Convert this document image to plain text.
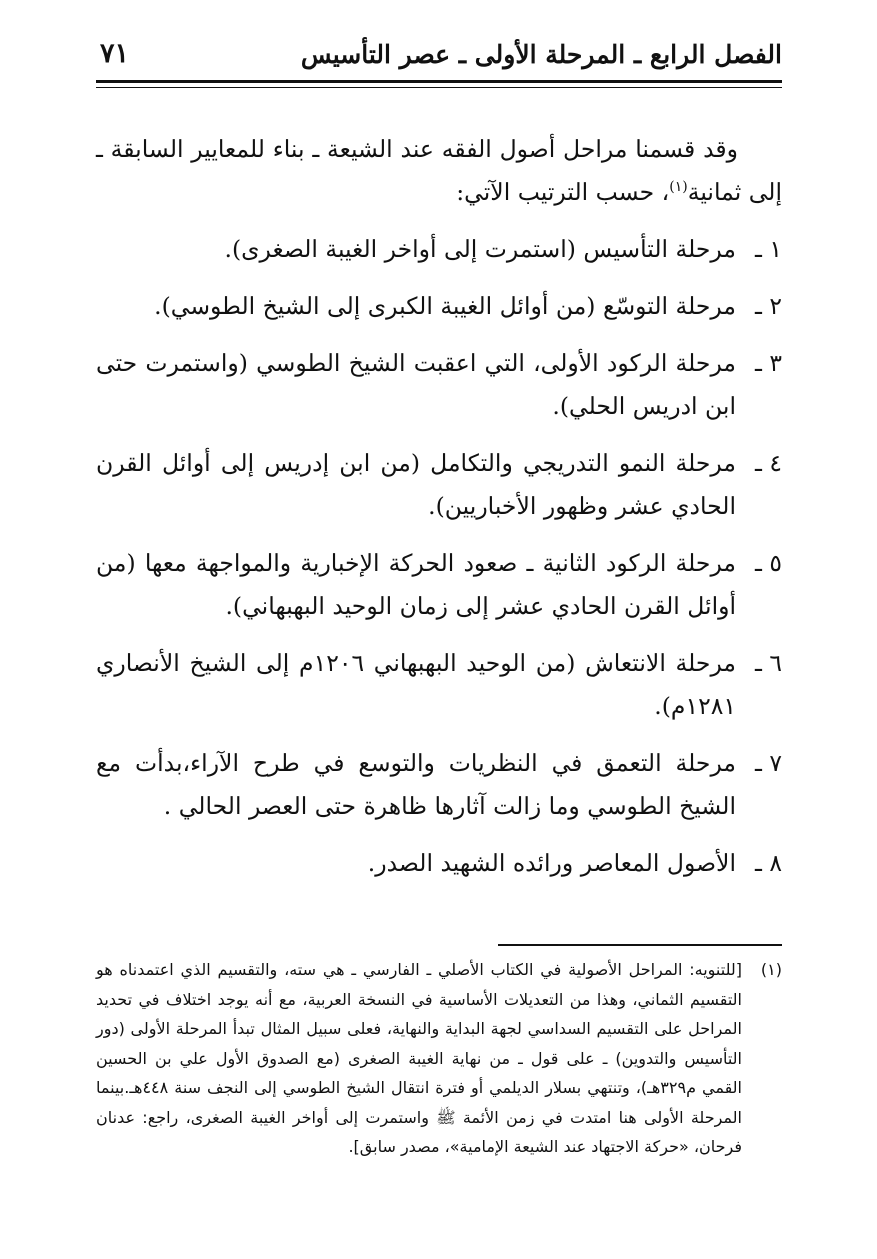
الفصل الرابع ـ المرحلة الأولى ـ عصر التأسيس
٧١

وقد قسمنا مراحل أصول الفقه عند الشيعة ـ بناء للمعايير السابقة ـ إلى ثمانية$^{(١)}$، حسب الترتيب الآتي:

١ ـ
مرحلة التأسيس (استمرت إلى أواخر الغيبة الصغرى).
٢ ـ
مرحلة التوسّع (من أوائل الغيبة الكبرى إلى الشيخ الطوسي).
٣ ـ
مرحلة الركود الأولى، التي اعقبت الشيخ الطوسي (واستمرت حتى ابن ادريس الحلي).
٤ ـ
مرحلة النمو التدريجي والتكامل (من ابن إدريس إلى أوائل القرن الحادي عشر وظهور الأخباريين).
٥ ـ
مرحلة الركود الثانية ـ صعود الحركة الإخبارية والمواجهة معها (من أوائل القرن الحادي عشر إلى زمان الوحيد البهبهاني).
٦ ـ
مرحلة الانتعاش (من الوحيد البهبهاني ١٢٠٦م إلى الشيخ الأنصاري ١٢٨١م).
٧ ـ
مرحلة التعمق في النظريات والتوسع في طرح الآراء،بدأت مع الشيخ الطوسي وما زالت آثارها ظاهرة حتى العصر الحالي .
٨ ـ
الأصول المعاصر ورائده الشهيد الصدر.
(١)
[للتنويه: المراحل الأصولية في الكتاب الأصلي ـ الفارسي ـ هي سته، والتقسيم الذي اعتمدناه هو التقسيم الثماني، وهذا من التعديلات الأساسية في النسخة العربية، مع أنه يوجد اختلاف في تحديد المراحل على التقسيم السداسي لجهة البداية والنهاية، فعلى سبيل المثال تبدأ المرحلة الأولى (دور التأسيس والتدوين) ـ على قول ـ من نهاية الغيبة الصغرى (مع الصدوق الأول علي بن الحسين القمي م٣٢٩هـ)، وتنتهي بسلار الديلمي أو فترة انتقال الشيخ الطوسي إلى النجف سنة ٤٤٨هـ.بينما المرحلة الأولى هنا امتدت في زمن الأئمة ﷺ واستمرت إلى أواخر الغيبة الصغرى، راجع: عدنان فرحان، «حركة الاجتهاد عند الشيعة الإمامية»، مصدر سابق].
